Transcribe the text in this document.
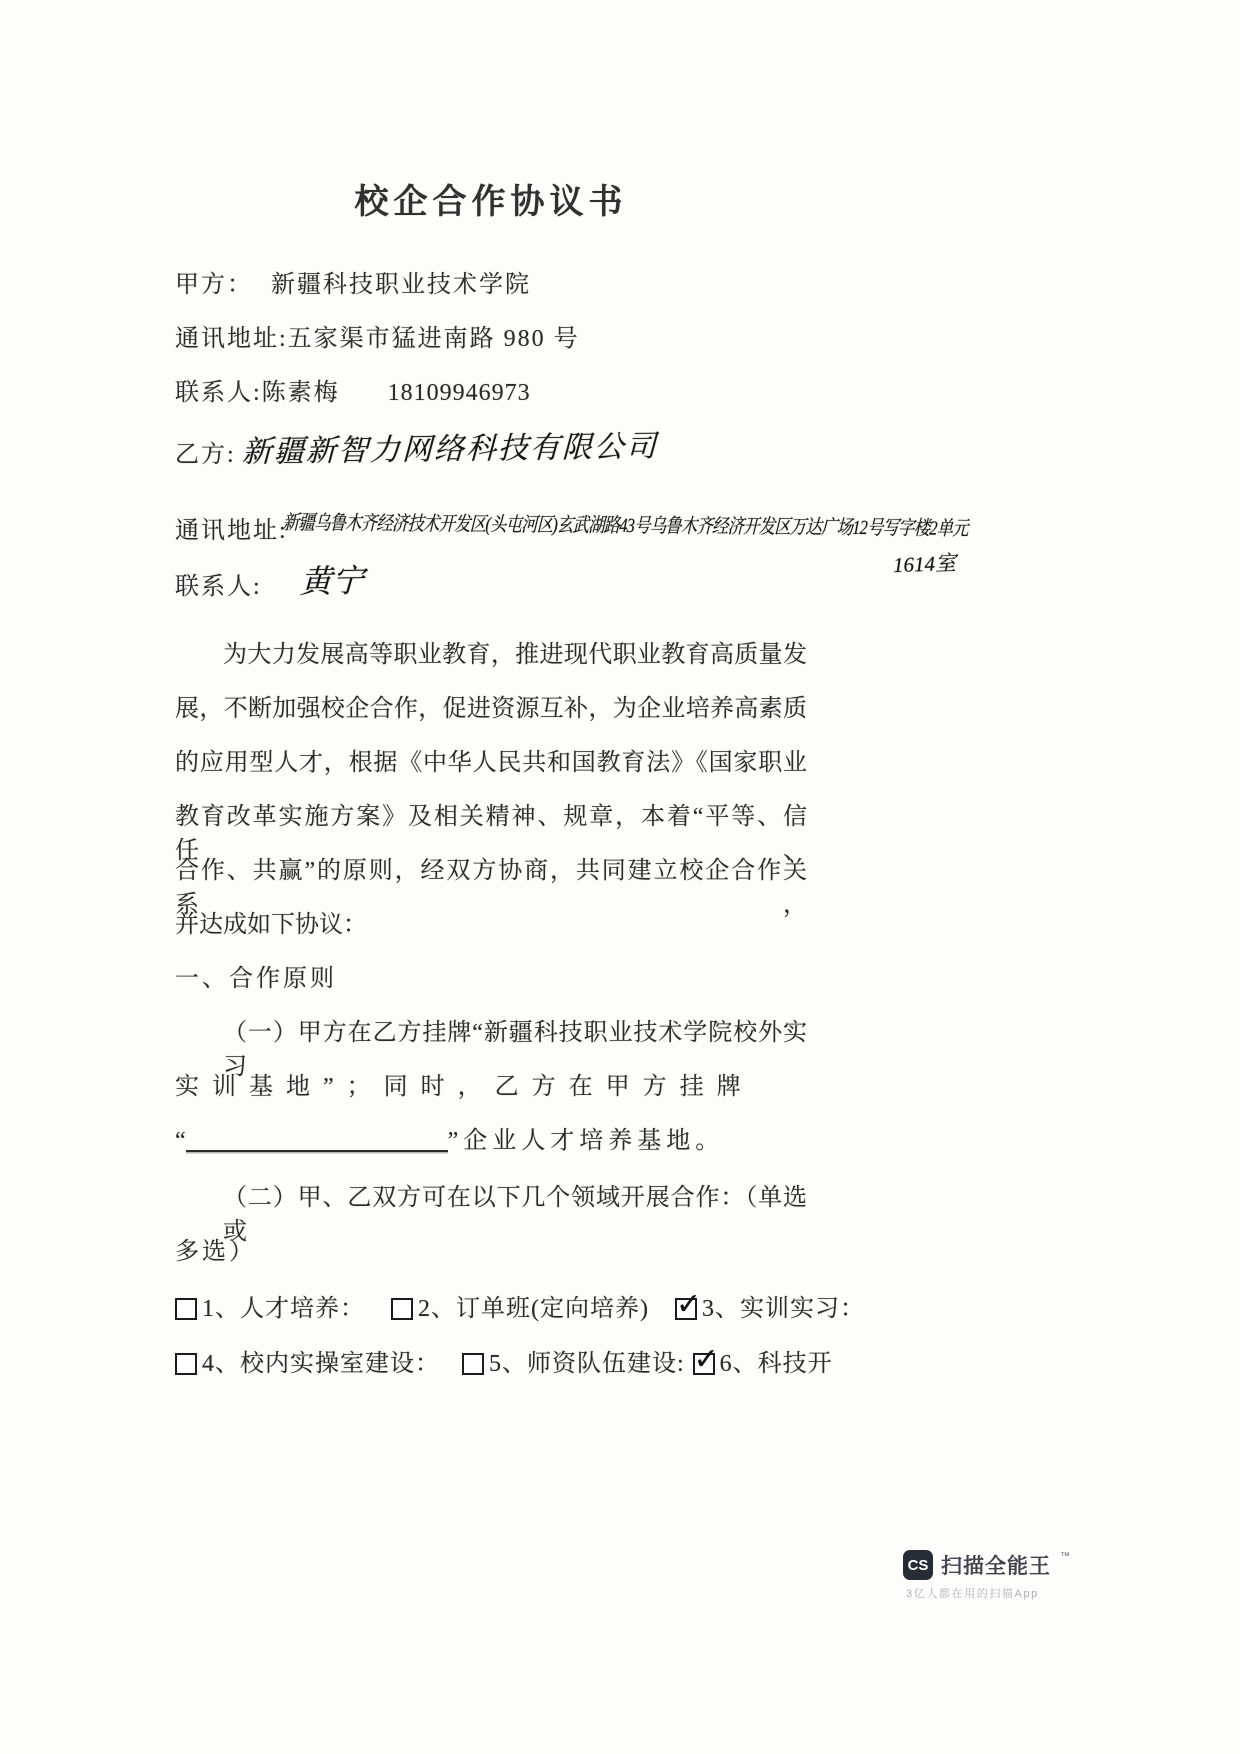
校企合作协议书
甲方： 新疆科技职业技术学院
通讯地址:五家渠市猛进南路 980 号
联系人:陈素梅 18109946973
乙方: 新疆新智力网络科技有限公司
通讯地址:
新疆乌鲁木齐经济技术开发区(头屯河区)玄武湖路43号乌鲁木齐经济开发区万达广场12号写字楼2单元
1614室
联系人:	黄宁
为大力发展高等职业教育，推进现代职业教育高质量发
展，不断加强校企合作，促进资源互补，为企业培养高素质
的应用型人才，根据《中华人民共和国教育法》《国家职业
教育改革实施方案》及相关精神、规章，本着“平等、信任、
合作、共赢”的原则，经双方协商，共同建立校企合作关系，
并达成如下协议：
一、合作原则
（一）甲方在乙方挂牌“新疆科技职业技术学院校外实习
实训基地”；同时，乙方在甲方挂牌
“	”企业人才培养基地。
（二）甲、乙双方可在以下几个领域开展合作：（单选或
多选）
1、人才培养： 2、订单班(定向培养) ✓ 3、实训实习：
4、校内实操室建设： 5、师资队伍建设: ✓ 6、科技开
CS 扫描全能王 ™
3亿人都在用的扫描App
